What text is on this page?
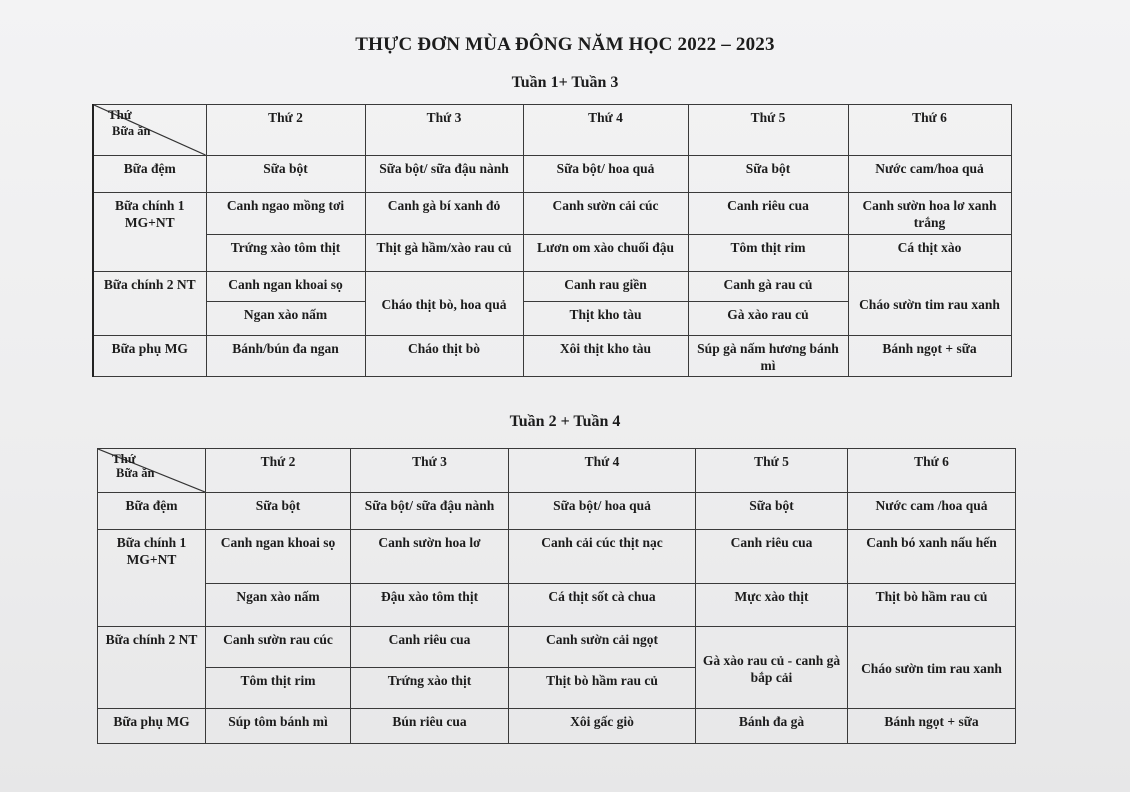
THỰC ĐƠN MÙA ĐÔNG NĂM HỌC 2022 – 2023
Tuần 1+ Tuần 3
Thứ
Bữa ăn	Thứ 2	Thứ 3	Thứ 4	Thứ 5	Thứ 6
Bữa đệm	Sữa bột	Sữa bột/ sữa đậu nành	Sữa bột/ hoa quả	Sữa bột	Nước cam/hoa quả
Bữa chính 1 MG+NT	Canh ngao mồng tơi	Canh gà bí xanh đỏ	Canh sườn cải cúc	Canh riêu cua	Canh sườn hoa lơ xanh trắng
	Trứng xào tôm thịt	Thịt gà hầm/xào rau củ	Lươn om xào chuối đậu	Tôm thịt rim	Cá thịt xào
Bữa chính 2 NT	Canh ngan khoai sọ	Cháo thịt bò, hoa quả	Canh rau giền	Canh gà rau củ	Cháo sườn tim rau xanh
	Ngan xào nấm		Thịt kho tàu	Gà xào rau củ	
Bữa phụ MG	Bánh/bún đa ngan	Cháo thịt bò	Xôi thịt kho tàu	Súp gà nấm hương bánh mì	Bánh ngọt + sữa
Tuần 2 + Tuần 4
Thứ
Bữa ăn	Thứ 2	Thứ 3	Thứ 4	Thứ 5	Thứ 6
Bữa đệm	Sữa bột	Sữa bột/ sữa đậu nành	Sữa bột/ hoa quả	Sữa bột	Nước cam /hoa quả
Bữa chính 1 MG+NT	Canh ngan khoai sọ	Canh sườn hoa lơ	Canh cải cúc thịt nạc	Canh riêu cua	Canh bó xanh nấu hến
	Ngan xào nấm	Đậu xào tôm thịt	Cá thịt sốt cà chua	Mực xào thịt	Thịt bò hầm rau củ
Bữa chính 2 NT	Canh sườn rau cúc	Canh riêu cua	Canh sườn cải ngọt	Gà xào rau củ - canh gà bắp cải	Cháo sườn tim rau xanh
	Tôm thịt rim	Trứng xào thịt	Thịt bò hầm rau củ		
Bữa phụ MG	Súp tôm bánh mì	Bún riêu cua	Xôi gấc giò	Bánh đa gà	Bánh ngọt + sữa
